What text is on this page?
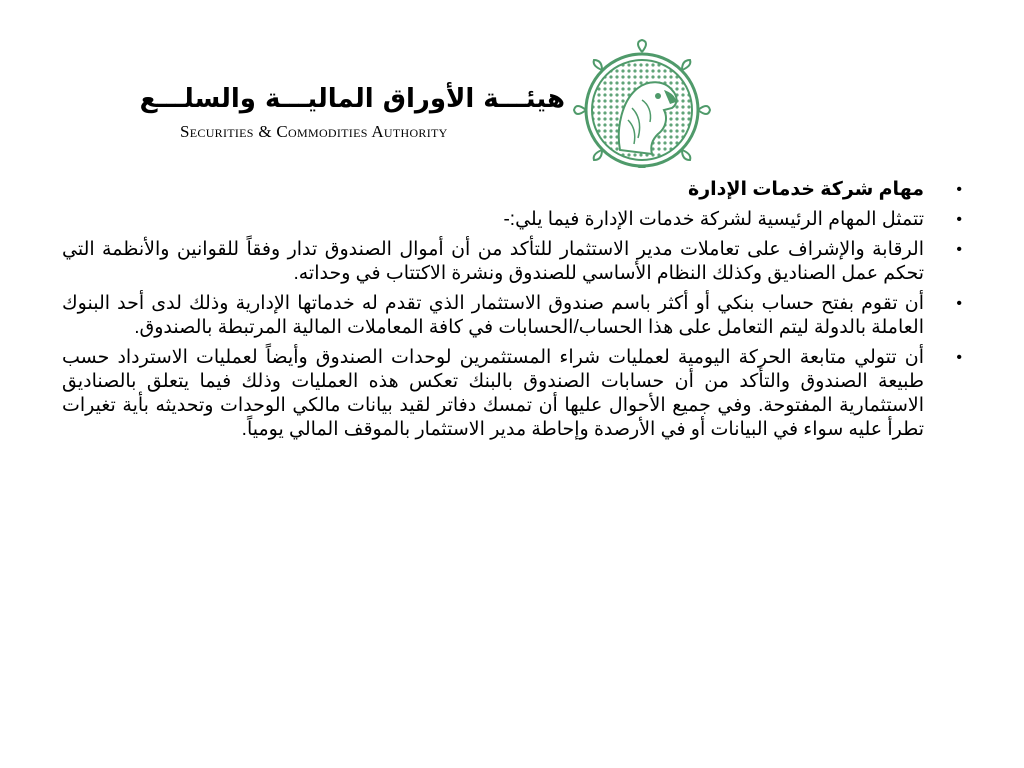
هيئـــة الأوراق الماليـــة والسلـــع
Securities & Commodities Authority
•
مهام شركة خدمات الإدارة
•
تتمثل المهام الرئيسية لشركة خدمات الإدارة فيما يلي:-
•
الرقابة والإشراف على تعاملات مدير الاستثمار للتأكد من أن أموال الصندوق تدار وفقاً للقوانين والأنظمة التي تحكم عمل الصناديق وكذلك النظام الأساسي للصندوق ونشرة الاكتتاب في وحداته.
•
أن تقوم بفتح حساب بنكي أو أكثر باسم صندوق الاستثمار الذي تقدم له خدماتها الإدارية وذلك لدى أحد البنوك العاملة بالدولة ليتم التعامل على هذا الحساب/الحسابات في كافة المعاملات المالية المرتبطة بالصندوق.
•
أن تتولي متابعة الحركة اليومية لعمليات شراء المستثمرين لوحدات الصندوق وأيضاً لعمليات الاسترداد حسب طبيعة الصندوق والتأكد من أن حسابات الصندوق بالبنك تعكس هذه العمليات وذلك فيما يتعلق بالصناديق الاستثمارية المفتوحة. وفي جميع الأحوال عليها أن تمسك دفاتر لقيد بيانات مالكي الوحدات وتحديثه بأية تغيرات تطرأ عليه سواء في البيانات أو في الأرصدة وإحاطة مدير الاستثمار بالموقف المالي يومياً.
